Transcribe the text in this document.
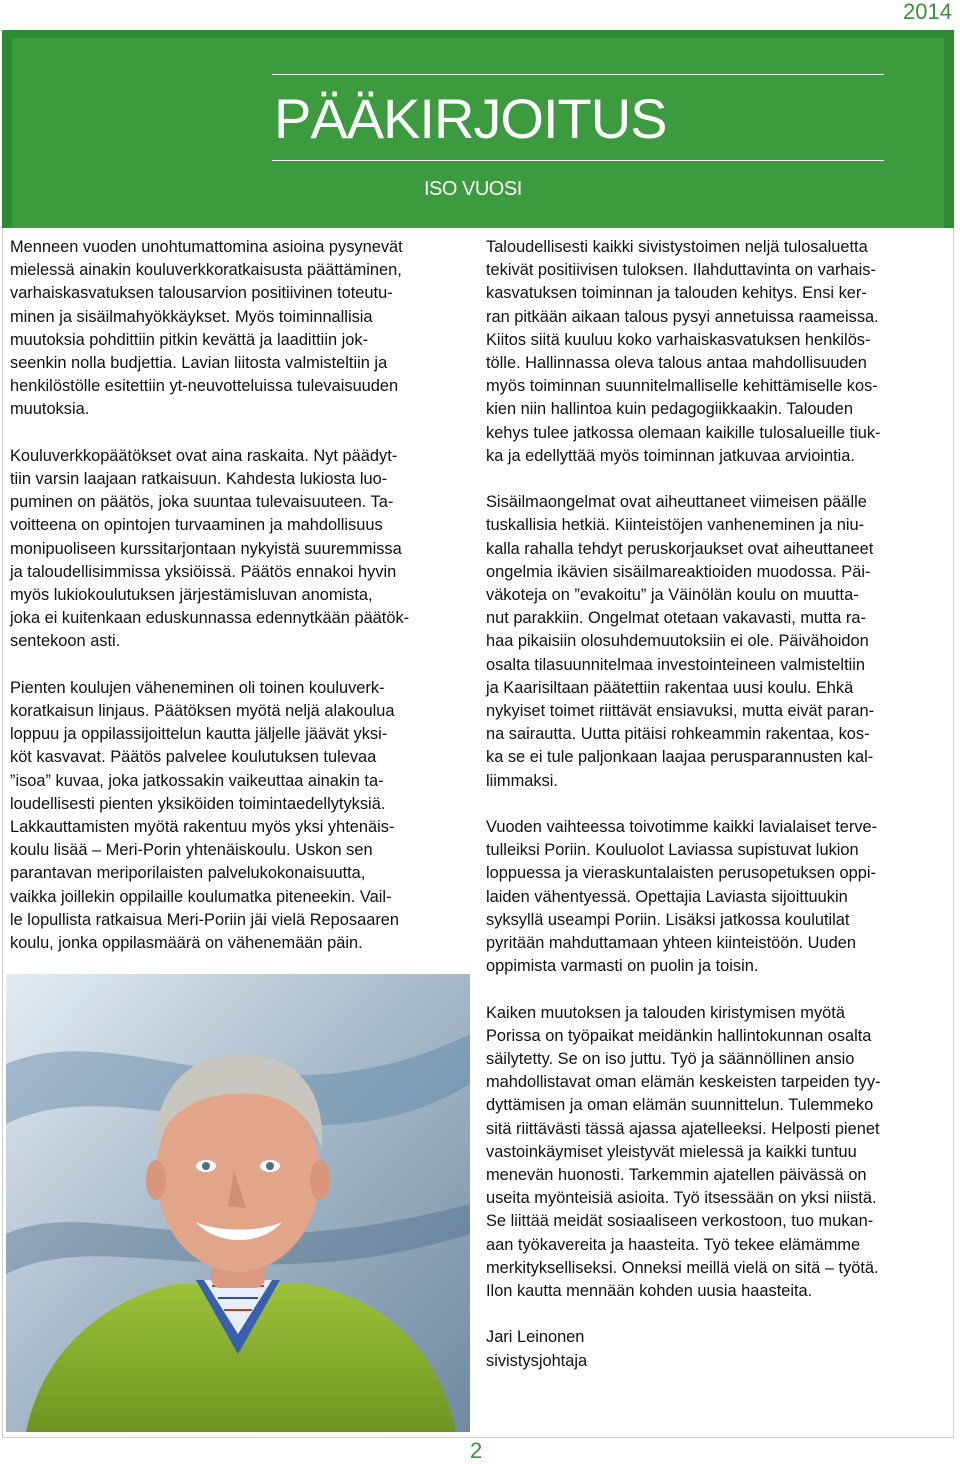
2014
PÄÄKIRJOITUS
ISO VUOSI

Menneen vuoden unohtumattomina asioina pysynevät
mielessä ainakin kouluverkkoratkaisusta päättäminen,
varhaiskasvatuksen talousarvion positiivinen toteutu-
minen ja sisäilmahyökkäykset. Myös toiminnallisia
muutoksia pohdittiin pitkin kevättä ja laadittiin jok-
seenkin nolla budjettia. Lavian liitosta valmisteltiin ja
henkilöstölle esitettiin yt-neuvotteluissa tulevaisuuden
muutoksia.

Kouluverkkopäätökset ovat aina raskaita. Nyt päädyt-
tiin varsin laajaan ratkaisuun. Kahdesta lukiosta luo-
puminen on päätös, joka suuntaa tulevaisuuteen. Ta-
voitteena on opintojen turvaaminen ja mahdollisuus
monipuoliseen kurssitarjontaan nykyistä suuremmissa
ja taloudellisimmissa yksiöissä. Päätös ennakoi hyvin
myös lukiokoulutuksen järjestämisluvan anomista,
joka ei kuitenkaan eduskunnassa edennytkään päätök-
sentekoon asti.

Pienten koulujen väheneminen oli toinen kouluverk-
koratkaisun linjaus. Päätöksen myötä neljä alakoulua
loppuu ja oppilassijoittelun kautta jäljelle jäävät yksi-
köt kasvavat. Päätös palvelee koulutuksen tulevaa
”isoa” kuvaa, joka jatkossakin vaikeuttaa ainakin ta-
loudellisesti pienten yksiköiden toimintaedellytyksiä.
Lakkauttamisten myötä rakentuu myös yksi yhtenäis-
koulu lisää – Meri-Porin yhtenäiskoulu. Uskon sen
parantavan meriporilaisten palvelukokonaisuutta,
vaikka joillekin oppilaille koulumatka piteneekin. Vail-
le lopullista ratkaisua Meri-Poriin jäi vielä Reposaaren
koulu, jonka oppilasmäärä on vähenemään päin.

Taloudellisesti kaikki sivistystoimen neljä tulosaluetta
tekivät positiivisen tuloksen. Ilahduttavinta on varhais-
kasvatuksen toiminnan ja talouden kehitys. Ensi ker-
ran pitkään aikaan talous pysyi annetuissa raameissa.
Kiitos siitä kuuluu koko varhaiskasvatuksen henkilös-
tölle. Hallinnassa oleva talous antaa mahdollisuuden
myös toiminnan suunnitelmalliselle kehittämiselle kos-
kien niin hallintoa kuin pedagogiikkaakin. Talouden
kehys tulee jatkossa olemaan kaikille tulosalueille tiuk-
ka ja edellyttää myös toiminnan jatkuvaa arviointia.

Sisäilmaongelmat ovat aiheuttaneet viimeisen päälle
tuskallisia hetkiä. Kiinteistöjen vanheneminen ja niu-
kalla rahalla tehdyt peruskorjaukset ovat aiheuttaneet
ongelmia ikävien sisäilmareaktioiden muodossa. Päi-
väkoteja on ”evakoitu” ja Väinölän koulu on muutta-
nut parakkiin. Ongelmat otetaan vakavasti, mutta ra-
haa pikaisiin olosuhdemuutoksiin ei ole. Päivähoidon
osalta tilasuunnitelmaa investointeineen valmisteltiin
ja Kaarisiltaan päätettiin rakentaa uusi koulu. Ehkä
nykyiset toimet riittävät ensiavuksi, mutta eivät paran-
na sairautta. Uutta pitäisi rohkeammin rakentaa, kos-
ka se ei tule paljonkaan laajaa perusparannusten kal-
liimmaksi.

Vuoden vaihteessa toivotimme kaikki lavialaiset terve-
tulleiksi Poriin. Kouluolot Laviassa supistuvat lukion
loppuessa ja vieraskuntalaisten perusopetuksen oppi-
laiden vähentyessä. Opettajia Laviasta sijoittuukin
syksyllä useampi Poriin. Lisäksi jatkossa koulutilat
pyritään mahduttamaan yhteen kiinteistöön. Uuden
oppimista varmasti on puolin ja toisin.

Kaiken muutoksen ja talouden kiristymisen myötä
Porissa on työpaikat meidänkin hallintokunnan osalta
säilytetty. Se on iso juttu. Työ ja säännöllinen ansio
mahdollistavat oman elämän keskeisten tarpeiden tyy-
dyttämisen ja oman elämän suunnittelun. Tulemmeko
sitä riittävästi tässä ajassa ajatelleeksi. Helposti pienet
vastoinkäymiset yleistyvät mielessä ja kaikki tuntuu
menevän huonosti. Tarkemmin ajatellen päivässä on
useita myönteisiä asioita. Työ itsessään on yksi niistä.
Se liittää meidät sosiaaliseen verkostoon, tuo mukan-
aan työkavereita ja haasteita. Työ tekee elämämme
merkitykselliseksi. Onneksi meillä vielä on sitä – työtä.
Ilon kautta mennään kohden uusia haasteita.

Jari Leinonen
sivistysjohtaja

2
